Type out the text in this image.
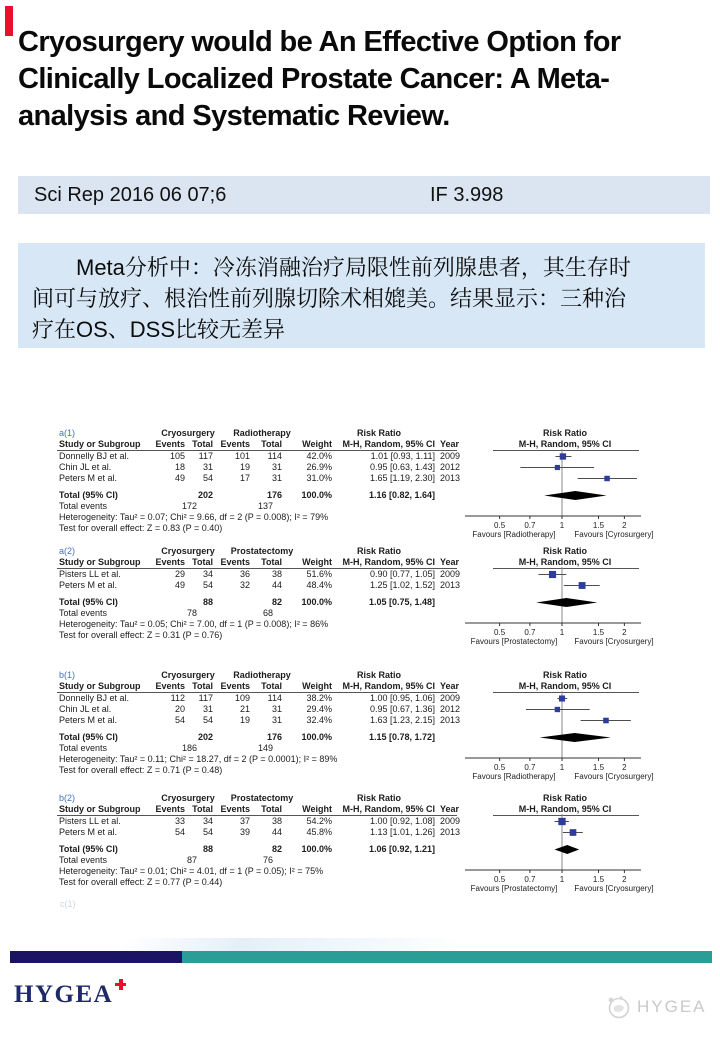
Cryosurgery would be An Effective Option for
Clinically Localized Prostate Cancer: A Meta-
analysis and Systematic Review.
Sci Rep 2016 06 07;6	IF 3.998
Meta分析中：冷冻消融治疗局限性前列腺患者，其生存时
间可与放疗、根治性前列腺切除术相媲美。结果显示：三种治
疗在OS、DSS比较无差异
a(1)	Cryosurgery Radiotherapy	Risk Ratio	Risk Ratio
Study or Subgroup Events Total Events Total Weight M-H, Random, 95% CI Year	M-H, Random, 95% CI
Donnelly BJ et al.	105 117 101 114	42.0%	1.01 [0.93, 1.11] 2009
Chin JL et al.	18 31	19 31	26.9%	0.95 [0.63, 1.43] 2012
Peters M et al.	49 54	17 31	31.0%	1.65 [1.19, 2.30] 2013
Total (95% CI)	202	176 100.0%	1.16 [0.82, 1.64]
Total events	172	137
Heterogeneity: Tau² = 0.07; Chi² = 9.66, df = 2 (P = 0.008); I² = 79%
Test for overall effect: Z = 0.83 (P = 0.40)	0.5 0.7	1	1.5 2
Favours [Radiotherapy] Favours [Cyrosurgery]
a(2)	Cryosurgery Prostatectomy	Risk Ratio	Risk Ratio
Study or Subgroup Events Total Events Total Weight M-H, Random, 95% CI Year	M-H, Random, 95% CI
Pisters LL et al.	29 34	36 38	51.6%	0.90 [0.77, 1.05] 2009
Peters M et al.	49 54	32 44	48.4%	1.25 [1.02, 1.52] 2013
Total (95% CI)	88	82 100.0%	1.05 [0.75, 1.48]
Total events	78	68
Heterogeneity: Tau² = 0.05; Chi² = 7.00, df = 1 (P = 0.008); I² = 86%
Test for overall effect: Z = 0.31 (P = 0.76)	0.5 0.7	1	1.5 2
Favours [Prostatectomy] Favours [Cryosurgery]
b(1)	Cryosurgery Radiotherapy	Risk Ratio	Risk Ratio
Study or Subgroup Events Total Events Total Weight M-H, Random, 95% CI Year	M-H, Random, 95% CI
Donnelly BJ et al.	112 117 109 114	38.2%	1.00 [0.95, 1.06] 2009
Chin JL et al.	20 31	21 31	29.4%	0.95 [0.67, 1.36] 2012
Peters M et al.	54 54	19 31	32.4%	1.63 [1.23, 2.15] 2013
Total (95% CI)	202	176 100.0%	1.15 [0.78, 1.72]
Total events	186	149
Heterogeneity: Tau² = 0.11; Chi² = 18.27, df = 2 (P = 0.0001); I² = 89%
Test for overall effect: Z = 0.71 (P = 0.48)	0.5 0.7	1	1.5 2
Favours [Radiotherapy] Favours [Cryosurgery]
b(2)	Cryosurgery Prostatectomy	Risk Ratio	Risk Ratio
Study or Subgroup Events Total Events Total Weight M-H, Random, 95% CI Year	M-H, Random, 95% CI
Pisters LL et al.	33 34	37 38	54.2%	1.00 [0.92, 1.08] 2009
Peters M et al.	54 54	39 44	45.8%	1.13 [1.01, 1.26] 2013
Total (95% CI)	88	82 100.0%	1.06 [0.92, 1.21]
Total events	87	76
Heterogeneity: Tau² = 0.01; Chi² = 4.01, df = 1 (P = 0.05); I² = 75%
Test for overall effect: Z = 0.77 (P = 0.44)	0.5 0.7	1	1.5 2
Favours [Prostatectomy] Favours [Cryosurgery]
c(1)
HYGEA	HYGEA
